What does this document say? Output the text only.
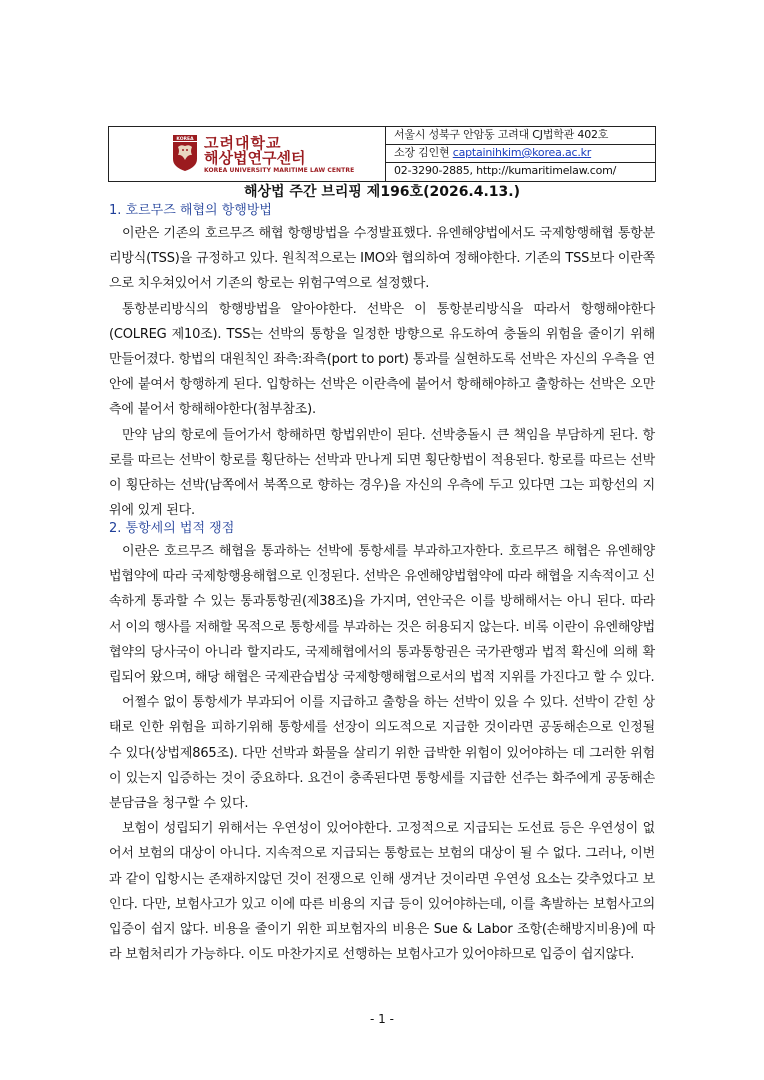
KOREA 고려대학교
해상법연구센터
KOREA UNIVERSITY MARITIME LAW CENTRE
서울시 성북구 안암동 고려대 CJ법학관 402호
소장 김인현 captainihkim@korea.ac.kr
02-3290-2885, http://kumaritimelaw.com/
해상법 주간 브리핑 제196호(2026.4.13.)
1. 호르무즈 해협의 항행방법

이란은 기존의 호르무즈 해협 항행방법을 수정발표했다. 유엔해양법에서도 국제항행해협 통항분리방식(TSS)을 규정하고 있다. 원칙적으로는 IMO와 협의하여 정해야한다. 기존의 TSS보다 이란쪽으로 치우쳐있어서 기존의 항로는 위험구역으로 설정했다.

통항분리방식의 항행방법을 알아야한다. 선박은 이 통항분리방식을 따라서 항행해야한다(COLREG 제10조). TSS는 선박의 통항을 일정한 방향으로 유도하여 충돌의 위험을 줄이기 위해 만들어졌다. 항법의 대원칙인 좌측:좌측(port to port) 통과를 실현하도록 선박은 자신의 우측을 연안에 붙여서 항행하게 된다. 입항하는 선박은 이란측에 붙어서 항해해야하고 출항하는 선박은 오만측에 붙어서 항해해야한다(첨부참조).

만약 남의 항로에 들어가서 항해하면 항법위반이 된다. 선박충돌시 큰 책임을 부담하게 된다. 항로를 따르는 선박이 항로를 횡단하는 선박과 만나게 되면 횡단항법이 적용된다. 항로를 따르는 선박이 횡단하는 선박(남쪽에서 북쪽으로 향하는 경우)을 자신의 우측에 두고 있다면 그는 피항선의 지위에 있게 된다.

2. 통항세의 법적 쟁점

이란은 호르무즈 해협을 통과하는 선박에 통항세를 부과하고자한다. 호르무즈 해협은 유엔해양법협약에 따라 국제항행용해협으로 인정된다. 선박은 유엔해양법협약에 따라 해협을 지속적이고 신속하게 통과할 수 있는 통과통항권(제38조)을 가지며, 연안국은 이를 방해해서는 아니 된다. 따라서 이의 행사를 저해할 목적으로 통항세를 부과하는 것은 허용되지 않는다. 비록 이란이 유엔해양법협약의 당사국이 아니라 할지라도, 국제해협에서의 통과통항권은 국가관행과 법적 확신에 의해 확립되어 왔으며, 해당 해협은 국제관습법상 국제항행해협으로서의 법적 지위를 가진다고 할 수 있다.

어쩔수 없이 통항세가 부과되어 이를 지급하고 출항을 하는 선박이 있을 수 있다. 선박이 갇힌 상태로 인한 위험을 피하기위해 통항세를 선장이 의도적으로 지급한 것이라면 공동해손으로 인정될 수 있다(상법제865조). 다만 선박과 화물을 살리기 위한 급박한 위험이 있어야하는 데 그러한 위험이 있는지 입증하는 것이 중요하다. 요건이 충족된다면 통항세를 지급한 선주는 화주에게 공동해손분담금을 청구할 수 있다.

보험이 성립되기 위해서는 우연성이 있어야한다. 고정적으로 지급되는 도선료 등은 우연성이 없어서 보험의 대상이 아니다. 지속적으로 지급되는 통항료는 보험의 대상이 될 수 없다. 그러나, 이번과 같이 입항시는 존재하지않던 것이 전쟁으로 인해 생겨난 것이라면 우연성 요소는 갖추었다고 보인다. 다만, 보험사고가 있고 이에 따른 비용의 지급 등이 있어야하는데, 이를 촉발하는 보험사고의 입증이 쉽지 않다. 비용을 줄이기 위한 피보험자의 비용은 Sue & Labor 조항(손해방지비용)에 따라 보험처리가 가능하다. 이도 마찬가지로 선행하는 보험사고가 있어야하므로 입증이 쉽지않다.

- 1 -
